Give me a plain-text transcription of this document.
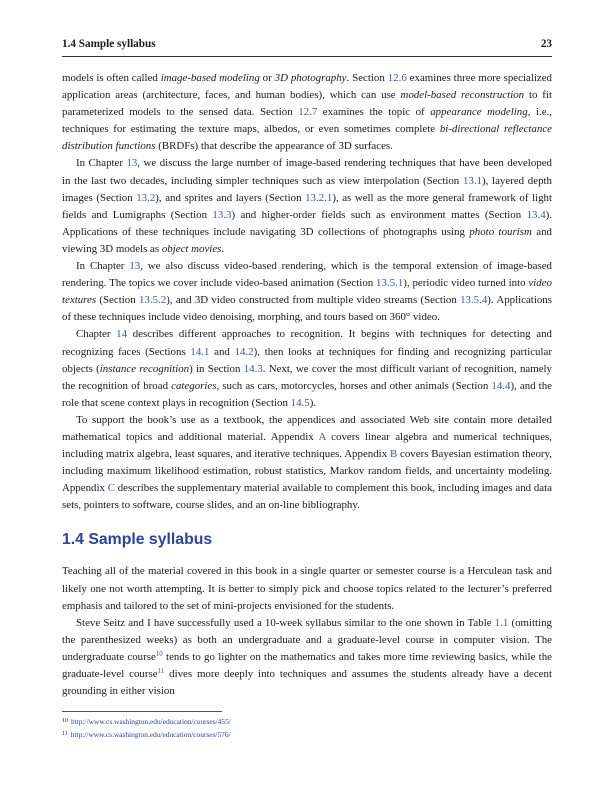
1.4 Sample syllabus	23

models is often called image-based modeling or 3D photography. Section 12.6 examines three more specialized application areas (architecture, faces, and human bodies), which can use model-based reconstruction to fit parameterized models to the sensed data. Section 12.7 examines the topic of appearance modeling, i.e., techniques for estimating the texture maps, albedos, or even sometimes complete bi-directional reflectance distribution functions (BRDFs) that describe the appearance of 3D surfaces.

In Chapter 13, we discuss the large number of image-based rendering techniques that have been developed in the last two decades, including simpler techniques such as view interpolation (Section 13.1), layered depth images (Section 13.2), and sprites and layers (Section 13.2.1), as well as the more general framework of light fields and Lumigraphs (Section 13.3) and higher-order fields such as environment mattes (Section 13.4). Applications of these techniques include navigating 3D collections of photographs using photo tourism and viewing 3D models as object movies.

In Chapter 13, we also discuss video-based rendering, which is the temporal extension of image-based rendering. The topics we cover include video-based animation (Section 13.5.1), periodic video turned into video textures (Section 13.5.2), and 3D video constructed from multiple video streams (Section 13.5.4). Applications of these techniques include video denoising, morphing, and tours based on 360° video.

Chapter 14 describes different approaches to recognition. It begins with techniques for detecting and recognizing faces (Sections 14.1 and 14.2), then looks at techniques for finding and recognizing particular objects (instance recognition) in Section 14.3. Next, we cover the most difficult variant of recognition, namely the recognition of broad categories, such as cars, motorcycles, horses and other animals (Section 14.4), and the role that scene context plays in recognition (Section 14.5).

To support the book’s use as a textbook, the appendices and associated Web site contain more detailed mathematical topics and additional material. Appendix A covers linear algebra and numerical techniques, including matrix algebra, least squares, and iterative techniques. Appendix B covers Bayesian estimation theory, including maximum likelihood estimation, robust statistics, Markov random fields, and uncertainty modeling. Appendix C describes the supplementary material available to complement this book, including images and data sets, pointers to software, course slides, and an on-line bibliography.

1.4 Sample syllabus

Teaching all of the material covered in this book in a single quarter or semester course is a Herculean task and likely one not worth attempting. It is better to simply pick and choose topics related to the lecturer’s preferred emphasis and tailored to the set of mini-projects envisioned for the students.

Steve Seitz and I have successfully used a 10-week syllabus similar to the one shown in Table 1.1 (omitting the parenthesized weeks) as both an undergraduate and a graduate-level course in computer vision. The undergraduate course$^{10}$ tends to go lighter on the mathematics and takes more time reviewing basics, while the graduate-level course$^{11}$ dives more deeply into techniques and assumes the students already have a decent grounding in either vision

$^{10}$ http://www.cs.washington.edu/education/courses/455/
$^{11}$ http://www.cs.washington.edu/education/courses/576/
